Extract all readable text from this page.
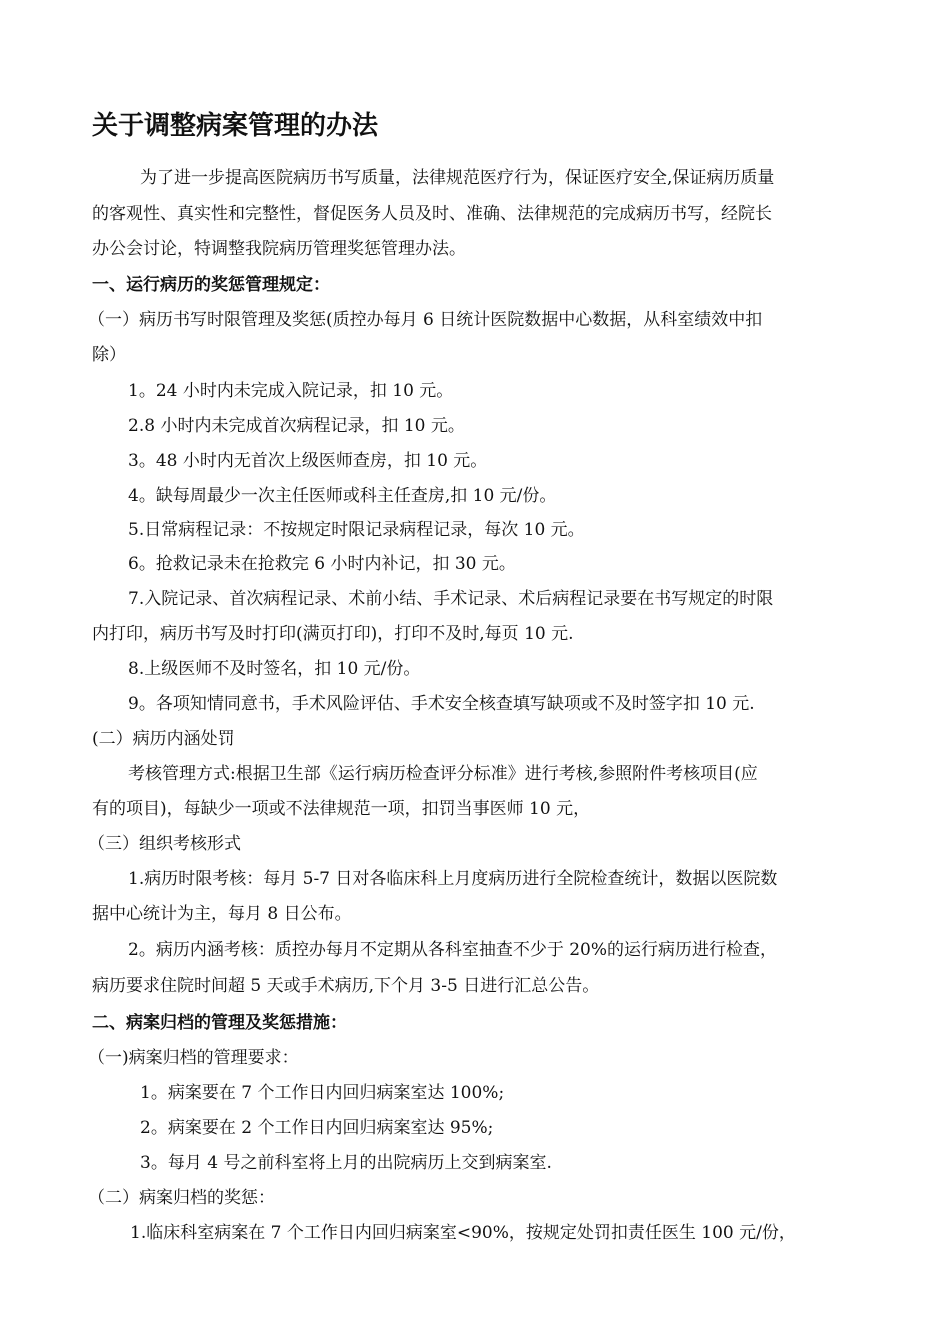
关于调整病案管理的办法
为了进一步提高医院病历书写质量，法律规范医疗行为，保证医疗安全,保证病历质量
的客观性、真实性和完整性，督促医务人员及时、准确、法律规范的完成病历书写，经院长
办公会讨论，特调整我院病历管理奖惩管理办法。
一、运行病历的奖惩管理规定：
（一）病历书写时限管理及奖惩(质控办每月 6 日统计医院数据中心数据，从科室绩效中扣
除）
1。24 小时内未完成入院记录，扣 10 元。
2.8 小时内未完成首次病程记录，扣 10 元。
3。48 小时内无首次上级医师查房，扣 10 元。
4。缺每周最少一次主任医师或科主任查房,扣 10 元/份。
5.日常病程记录：不按规定时限记录病程记录，每次 10 元。
6。抢救记录未在抢救完 6 小时内补记，扣 30 元。
7.入院记录、首次病程记录、术前小结、手术记录、术后病程记录要在书写规定的时限
内打印，病历书写及时打印(满页打印)，打印不及时,每页 10 元.
8.上级医师不及时签名，扣 10 元/份。
9。各项知情同意书，手术风险评估、手术安全核查填写缺项或不及时签字扣 10 元.
(二）病历内涵处罚
考核管理方式:根据卫生部《运行病历检查评分标准》进行考核,参照附件考核项目(应
有的项目)，每缺少一项或不法律规范一项，扣罚当事医师 10 元，
（三）组织考核形式
1.病历时限考核：每月 5-7 日对各临床科上月度病历进行全院检查统计，数据以医院数
据中心统计为主，每月 8 日公布。
2。病历内涵考核：质控办每月不定期从各科室抽查不少于 20%的运行病历进行检查，
病历要求住院时间超 5 天或手术病历,下个月 3-5 日进行汇总公告。
二、病案归档的管理及奖惩措施：
（一)病案归档的管理要求：
1。病案要在 7 个工作日内回归病案室达 100%;
2。病案要在 2 个工作日内回归病案室达 95%;
3。每月 4 号之前科室将上月的出院病历上交到病案室.
（二）病案归档的奖惩：
1.临床科室病案在 7 个工作日内回归病案室<90%，按规定处罚扣责任医生 100 元/份，
